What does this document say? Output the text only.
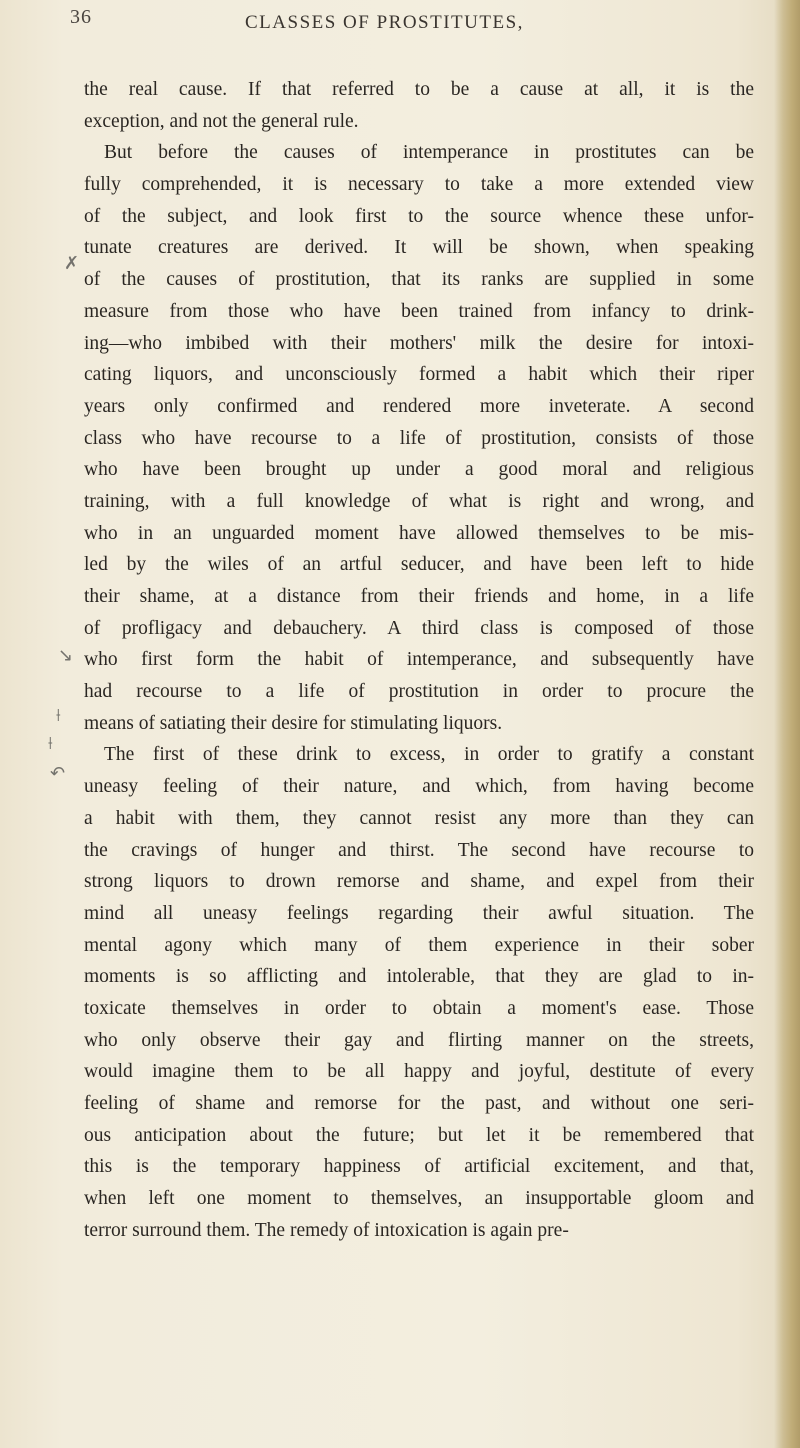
36	CLASSES OF PROSTITUTES,
the real cause. If that referred to be a cause at all, it is the
exception, and not the general rule.
But before the causes of intemperance in prostitutes can be
fully comprehended, it is necessary to take a more extended view
of the subject, and look first to the source whence these unfor-
tunate creatures are derived. It will be shown, when speaking
of the causes of prostitution, that its ranks are supplied in some
measure from those who have been trained from infancy to drink-
ing—who imbibed with their mothers' milk the desire for intoxi-
cating liquors, and unconsciously formed a habit which their riper
years only confirmed and rendered more inveterate. A second
class who have recourse to a life of prostitution, consists of those
who have been brought up under a good moral and religious
training, with a full knowledge of what is right and wrong, and
who in an unguarded moment have allowed themselves to be mis-
led by the wiles of an artful seducer, and have been left to hide
their shame, at a distance from their friends and home, in a life
of profligacy and debauchery. A third class is composed of those
who first form the habit of intemperance, and subsequently have
had recourse to a life of prostitution in order to procure the
means of satiating their desire for stimulating liquors.
The first of these drink to excess, in order to gratify a constant
uneasy feeling of their nature, and which, from having become
a habit with them, they cannot resist any more than they can
the cravings of hunger and thirst. The second have recourse to
strong liquors to drown remorse and shame, and expel from their
mind all uneasy feelings regarding their awful situation. The
mental agony which many of them experience in their sober
moments is so afflicting and intolerable, that they are glad to in-
toxicate themselves in order to obtain a moment's ease. Those
who only observe their gay and flirting manner on the streets,
would imagine them to be all happy and joyful, destitute of every
feeling of shame and remorse for the past, and without one seri-
ous anticipation about the future; but let it be remembered that
this is the temporary happiness of artificial excitement, and that,
when left one moment to themselves, an insupportable gloom and
terror surround them. The remedy of intoxication is again pre-
✗
↘
⟊
⟊
↶
